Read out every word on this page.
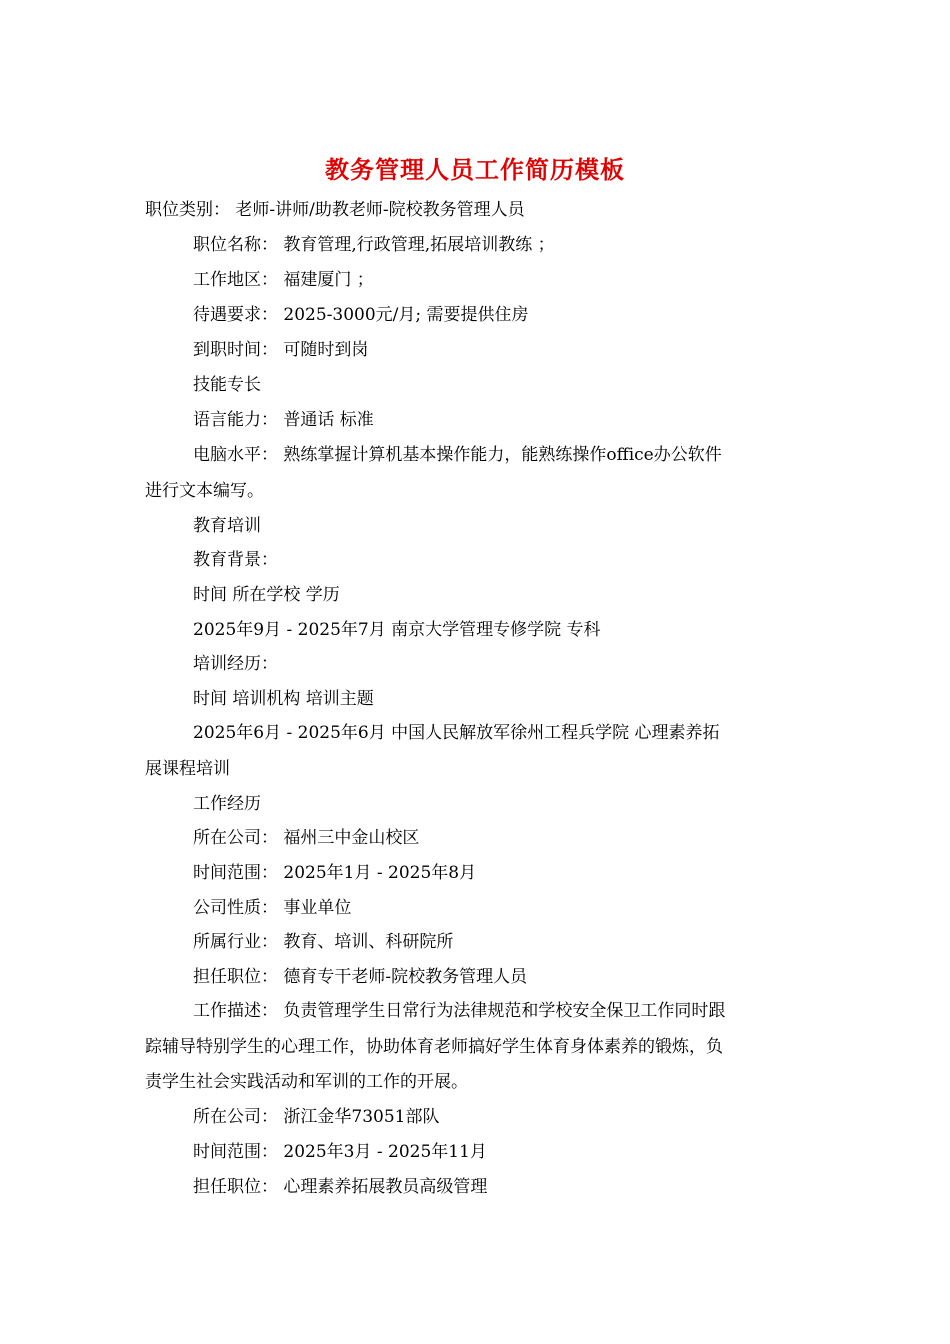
教务管理人员工作简历模板
职位类别： 老师-讲师/助教老师-院校教务管理人员
职位名称： 教育管理,行政管理,拓展培训教练 ；
工作地区： 福建厦门 ；
待遇要求： 2025-3000元/月; 需要提供住房
到职时间： 可随时到岗
技能专长
语言能力： 普通话 标准
电脑水平： 熟练掌握计算机基本操作能力，能熟练操作office办公软件
进行文本编写。
教育培训
教育背景：
时间 所在学校 学历
2025年9月 - 2025年7月 南京大学管理专修学院 专科
培训经历：
时间 培训机构 培训主题
2025年6月 - 2025年6月 中国人民解放军徐州工程兵学院 心理素养拓
展课程培训
工作经历
所在公司： 福州三中金山校区
时间范围： 2025年1月 - 2025年8月
公司性质： 事业单位
所属行业： 教育、培训、科研院所
担任职位： 德育专干老师-院校教务管理人员
工作描述： 负责管理学生日常行为法律规范和学校安全保卫工作同时跟
踪辅导特别学生的心理工作，协助体育老师搞好学生体育身体素养的锻炼，负
责学生社会实践活动和军训的工作的开展。
所在公司： 浙江金华73051部队
时间范围： 2025年3月 - 2025年11月
担任职位： 心理素养拓展教员高级管理
